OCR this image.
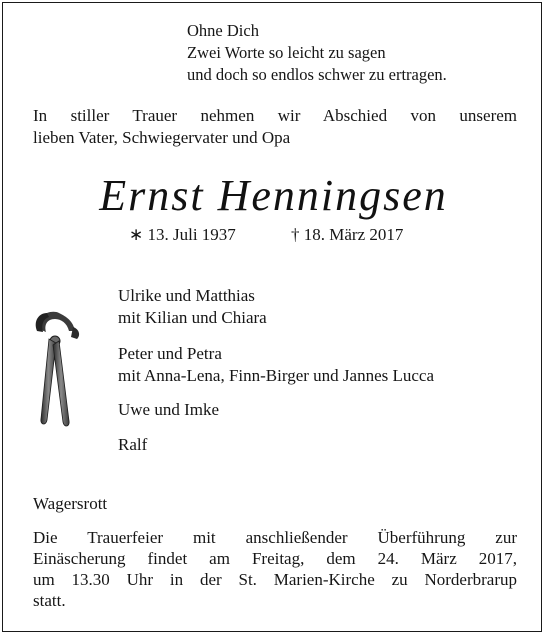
Ohne Dich
Zwei Worte so leicht zu sagen
und doch so endlos schwer zu ertragen.
In stiller Trauer nehmen wir Abschied von unserem
lieben Vater, Schwiegervater und Opa
Ernst Henningsen
∗ 13. Juli 1937	† 18. März 2017
Ulrike und Matthias
mit Kilian und Chiara
Peter und Petra
mit Anna-Lena, Finn-Birger und Jannes Lucca
Uwe und Imke
Ralf
Wagersrott
Die Trauerfeier mit anschließender Überführung zur
Einäscherung findet am Freitag, dem 24. März 2017,
um 13.30 Uhr in der St. Marien-Kirche zu Norderbrarup
statt.
